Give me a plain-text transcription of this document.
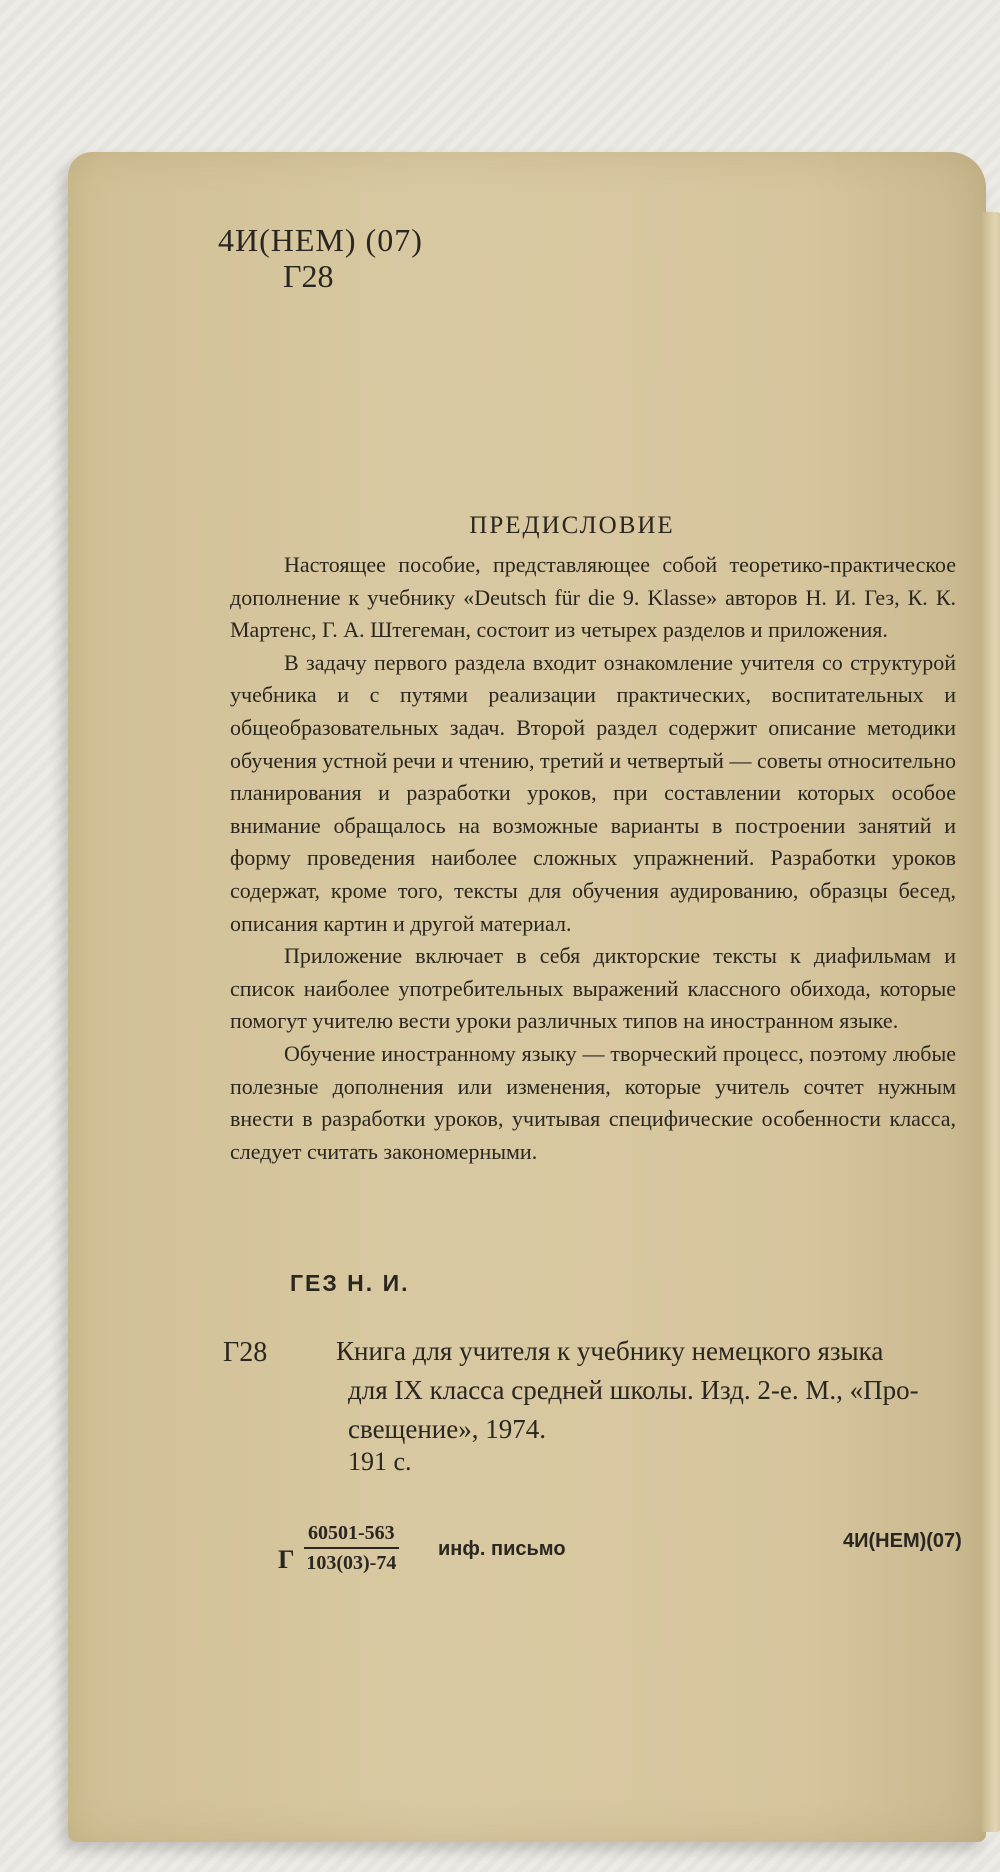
4И(НЕМ) (07)
Г28
ПРЕДИСЛОВИЕ

Настоящее пособие, представляющее собой теоретико-практическое дополнение к учебнику «Deutsch für die 9. Klasse» авторов Н. И. Гез, К. К. Мартенс, Г. А. Штегеман, состоит из четырех разделов и приложения.

В задачу первого раздела входит ознакомление учителя со структурой учебника и с путями реализации практических, воспитательных и общеобразовательных задач. Второй раздел содержит описание методики обучения устной речи и чтению, третий и четвертый — советы относительно планирования и разработки уроков, при составлении которых особое внимание обращалось на возможные варианты в построении занятий и форму проведения наиболее сложных упражнений. Разработки уроков содержат, кроме того, тексты для обучения аудированию, образцы бесед, описания картин и другой материал.

Приложение включает в себя дикторские тексты к диафильмам и список наиболее употребительных выражений классного обихода, которые помогут учителю вести уроки различных типов на иностранном языке.

Обучение иностранному языку — творческий процесс, поэтому любые полезные дополнения или изменения, которые учитель сочтет нужным внести в разработки уроков, учитывая специфические особенности класса, следует считать закономерными.

ГЕЗ Н. И.
Г28	Книга для учителя к учебнику немецкого языка
для IX класса средней школы. Изд. 2-е. М., «Про-
свещение», 1974.
191 с.
Г $\frac{60501-563}{103(03)-74}$ инф. письмо	4И(НЕМ)(07)
